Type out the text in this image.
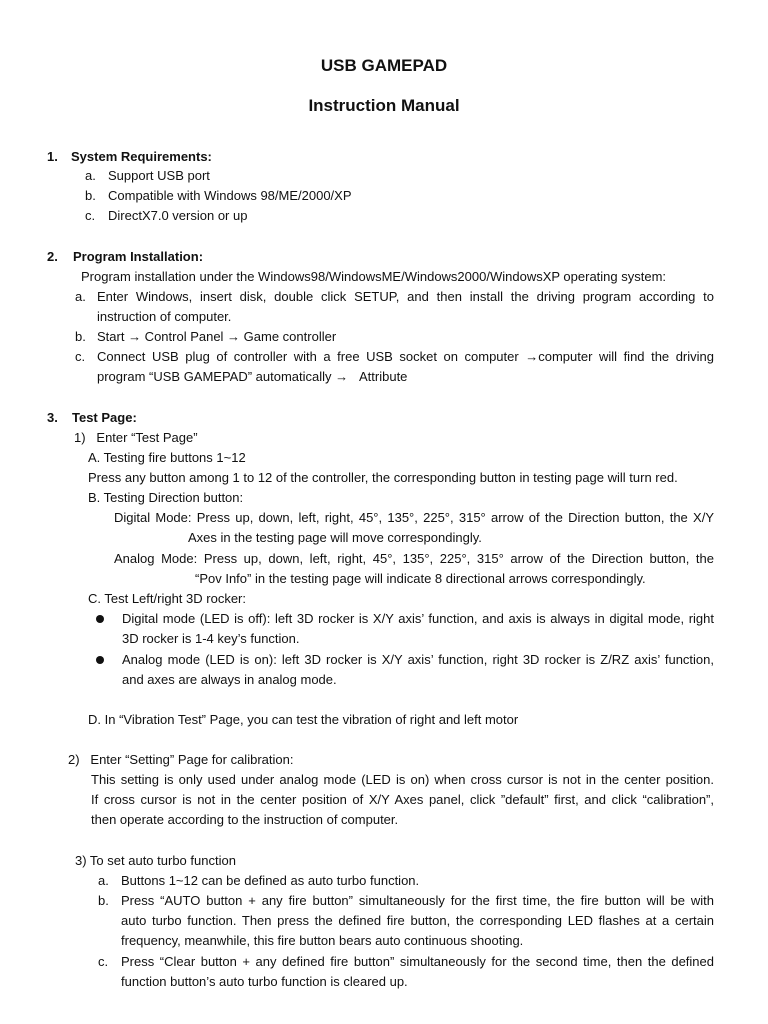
USB GAMEPAD
Instruction Manual
1. System Requirements:
a. Support USB port
b. Compatible with Windows 98/ME/2000/XP
c. DirectX7.0 version or up
2. Program Installation:
Program installation under the Windows98/WindowsME/Windows2000/WindowsXP operating system:
a. Enter Windows, insert disk, double click SETUP, and then install the driving program according to
instruction of computer.
b. Start → Control Panel → Game controller
c. Connect USB plug of controller with a free USB socket on computer →computer will find the driving
program “USB GAMEPAD” automatically →   Attribute
3. Test Page:
1)   Enter “Test Page”
A. Testing fire buttons 1~12
Press any button among 1 to 12 of the controller, the corresponding button in testing page will turn red.
B. Testing Direction button:
Digital Mode: Press up, down, left, right, 45°, 135°, 225°, 315° arrow of the Direction button, the X/Y
Axes in the testing page will move correspondingly.
Analog Mode: Press up, down, left, right, 45°, 135°, 225°, 315° arrow of the Direction button, the
“Pov Info” in the testing page will indicate 8 directional arrows correspondingly.
C. Test Left/right 3D rocker:
Digital mode (LED is off): left 3D rocker is X/Y axis’ function, and axis is always in digital mode, right
3D rocker is 1-4 key’s function.
Analog mode (LED is on): left 3D rocker is X/Y axis’ function, right 3D rocker is Z/RZ axis’ function,
and axes are always in analog mode.
D. In “Vibration Test” Page, you can test the vibration of right and left motor
2)   Enter “Setting” Page for calibration:
This setting is only used under analog mode (LED is on) when cross cursor is not in the center position.
If cross cursor is not in the center position of X/Y Axes panel, click ”default” first, and click “calibration”,
then operate according to the instruction of computer.
3) To set auto turbo function
a. Buttons 1~12 can be defined as auto turbo function.
b. Press “AUTO button + any fire button” simultaneously for the first time, the fire button will be with
auto turbo function. Then press the defined fire button, the corresponding LED flashes at a certain
frequency, meanwhile, this fire button bears auto continuous shooting.
c. Press “Clear button + any defined fire button” simultaneously for the second time, then the defined
function button’s auto turbo function is cleared up.
